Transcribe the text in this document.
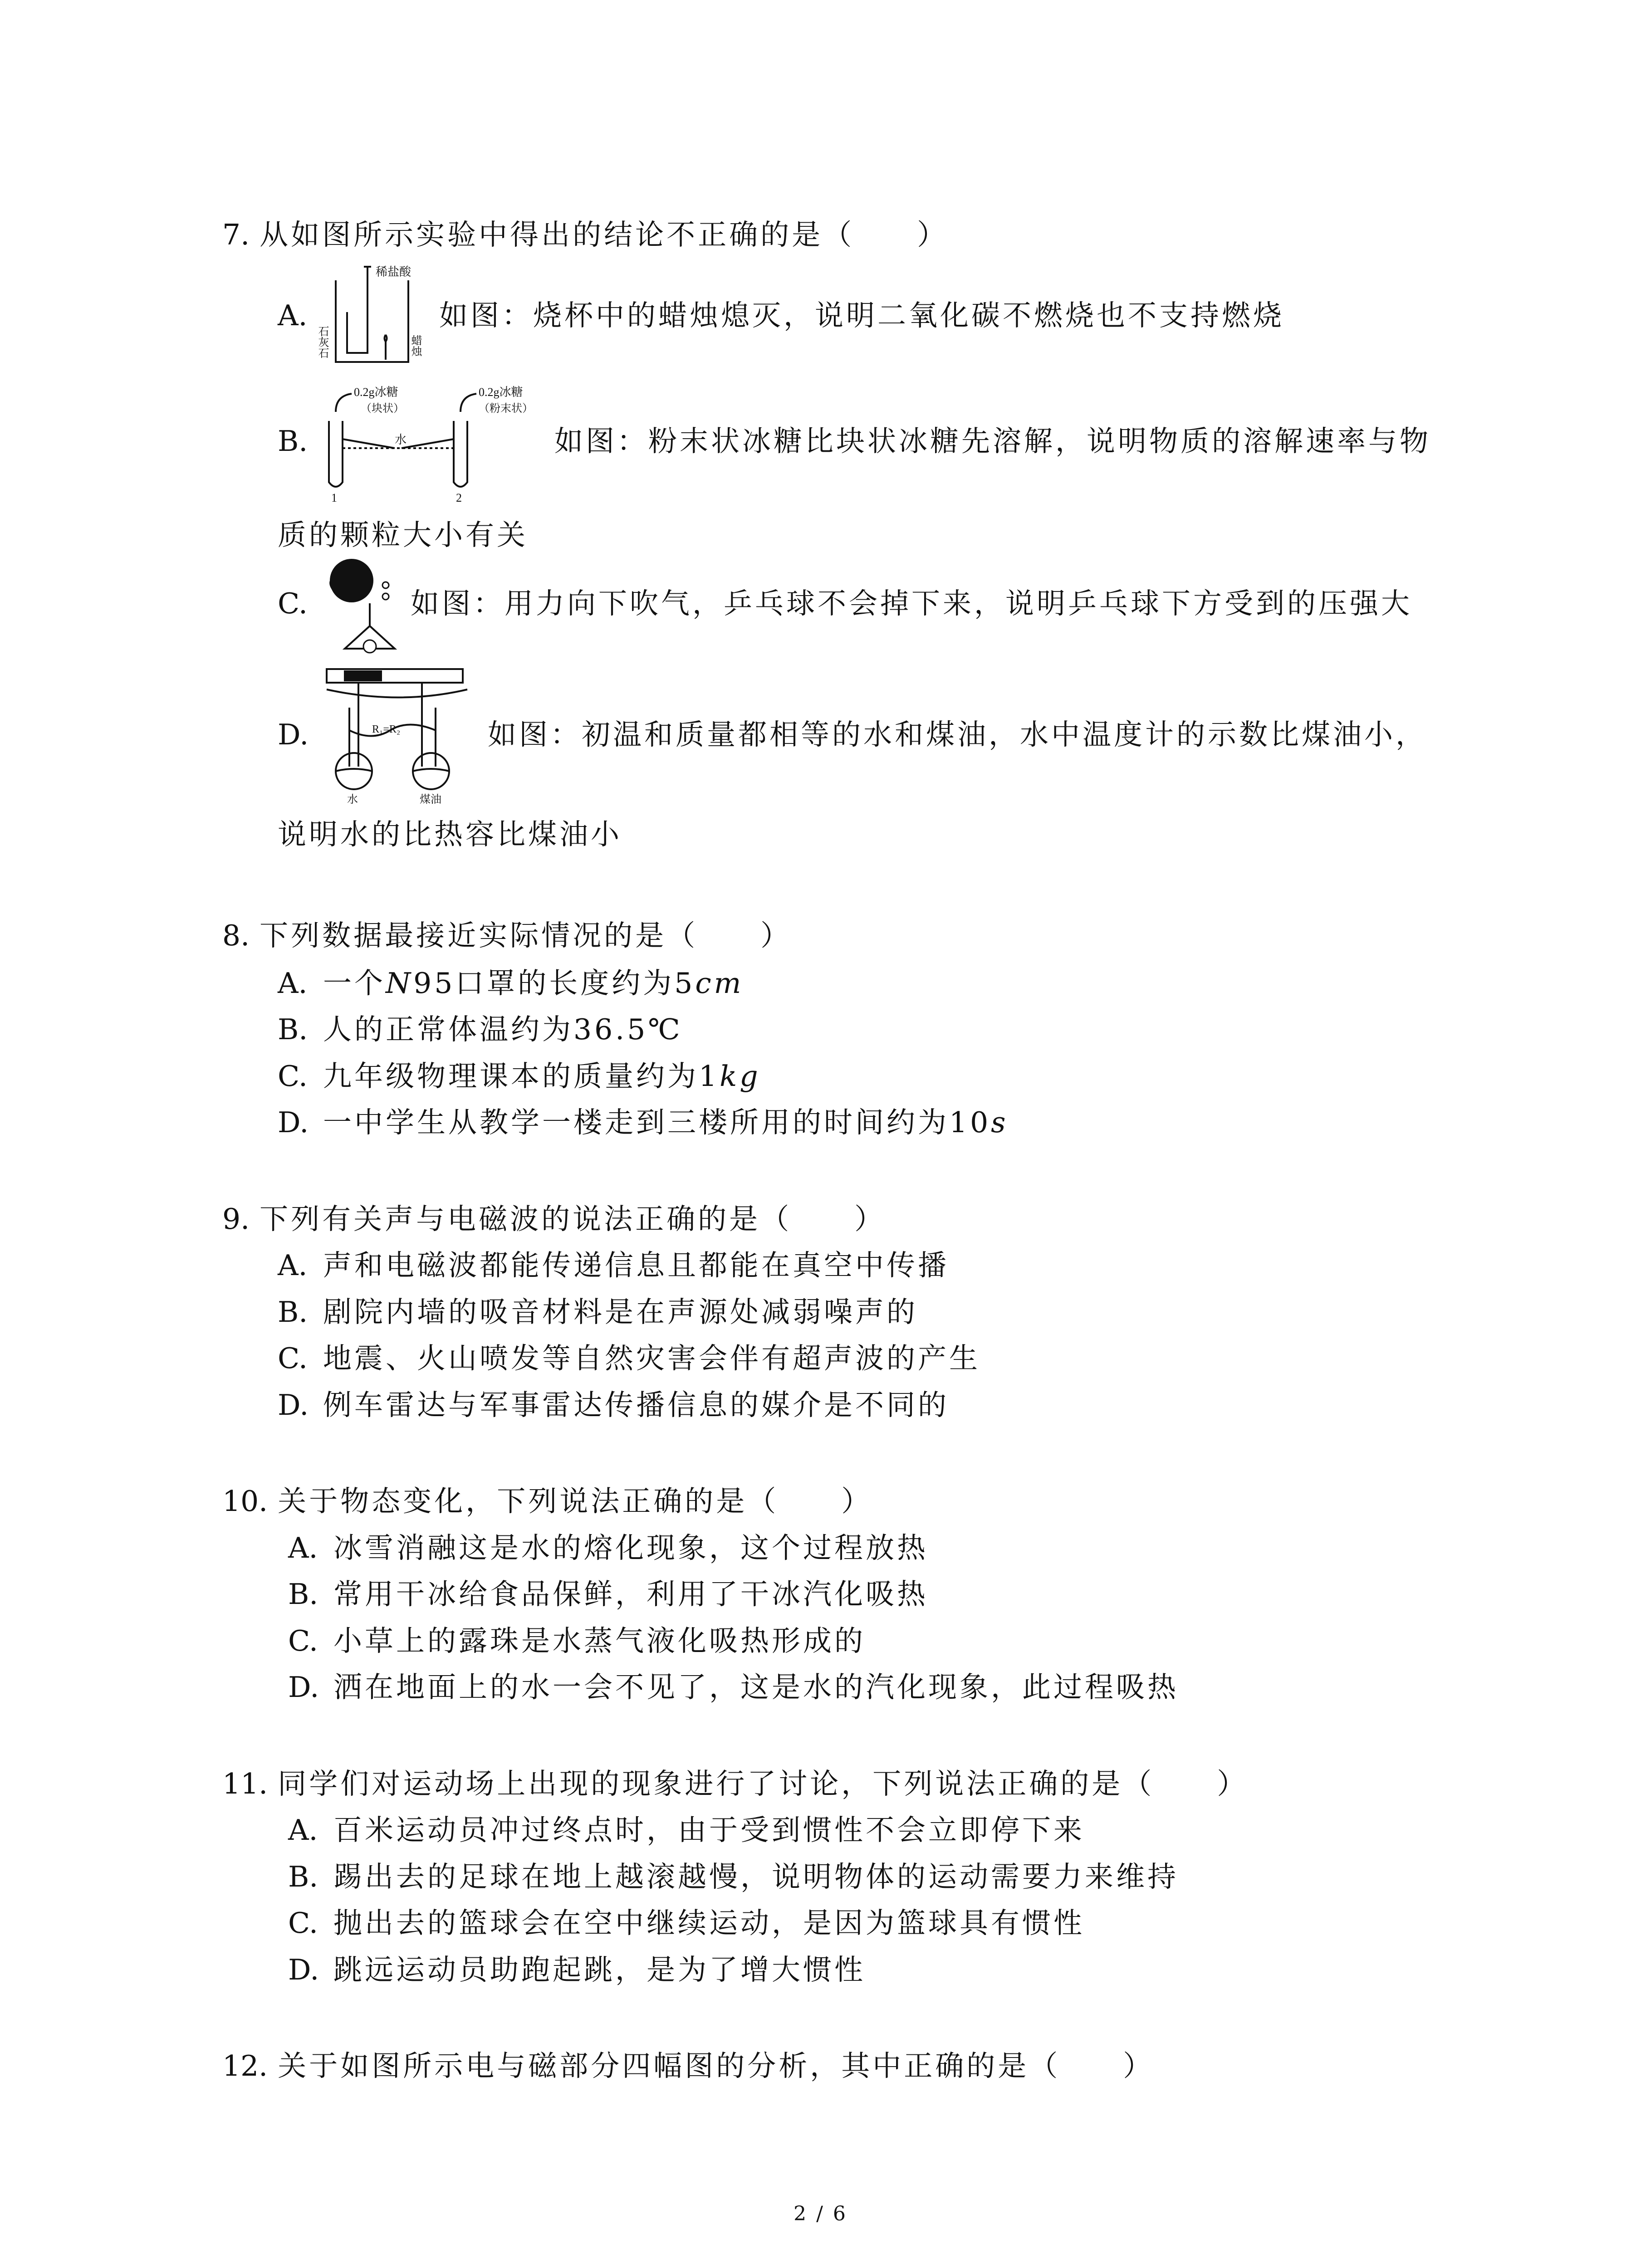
7. 从如图所示实验中得出的结论不正确的是（　　）
A.
稀盐酸
石灰石	蜡烛
如图：烧杯中的蜡烛熄灭，说明二氧化碳不燃烧也不支持燃烧
B.
0.2g冰糖
（块状）
0.2g冰糖
（粉末状）
水
1	2
如图：粉末状冰糖比块状冰糖先溶解，说明物质的溶解速率与物
质的颗粒大小有关
C.	如图：用力向下吹气，乒乓球不会掉下来，说明乒乓球下方受到的压强大
D.	R₁=R₂
水	煤油
如图：初温和质量都相等的水和煤油，水中温度计的示数比煤油小，
说明水的比热容比煤油小
8. 下列数据最接近实际情况的是（　　）
A. 一个N95口罩的长度约为5cm
B. 人的正常体温约为36.5℃
C. 九年级物理课本的质量约为1kg
D. 一中学生从教学一楼走到三楼所用的时间约为10s
9. 下列有关声与电磁波的说法正确的是（　　）
A. 声和电磁波都能传递信息且都能在真空中传播
B. 剧院内墙的吸音材料是在声源处减弱噪声的
C. 地震、火山喷发等自然灾害会伴有超声波的产生
D. 例车雷达与军事雷达传播信息的媒介是不同的
10. 关于物态变化，下列说法正确的是（　　）
A. 冰雪消融这是水的熔化现象，这个过程放热
B. 常用干冰给食品保鲜，利用了干冰汽化吸热
C. 小草上的露珠是水蒸气液化吸热形成的
D. 洒在地面上的水一会不见了，这是水的汽化现象，此过程吸热
11. 同学们对运动场上出现的现象进行了讨论，下列说法正确的是（　　）
A. 百米运动员冲过终点时，由于受到惯性不会立即停下来
B. 踢出去的足球在地上越滚越慢，说明物体的运动需要力来维持
C. 抛出去的篮球会在空中继续运动，是因为篮球具有惯性
D. 跳远运动员助跑起跳，是为了增大惯性
12. 关于如图所示电与磁部分四幅图的分析，其中正确的是（　　）
2 / 6
